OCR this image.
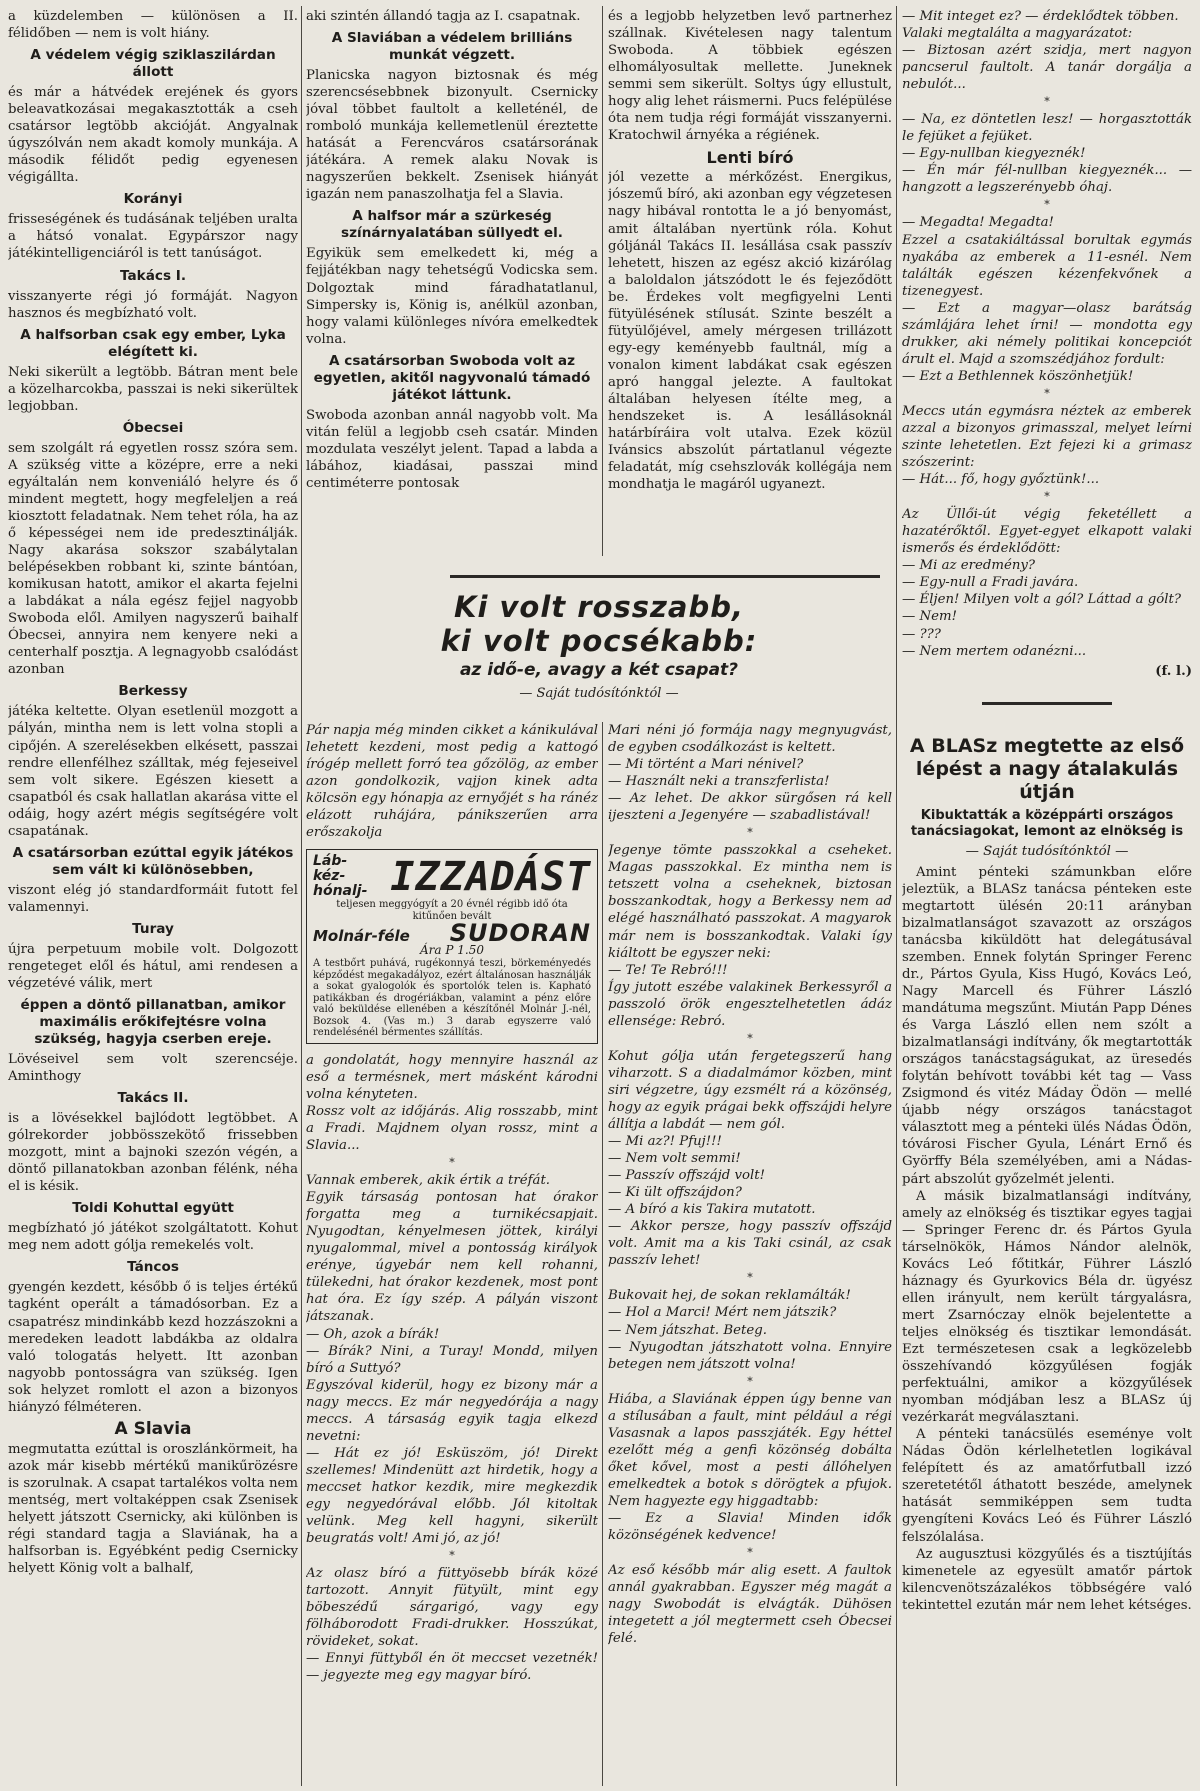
a küzdelemben — különösen a II. félidőben — nem is volt hiány.

A védelem végig sziklaszilárdan állott

és már a hátvédek erejének és gyors beleavatkozásai megakasztották a cseh csatársor legtöbb akcióját. Angyalnak úgyszólván nem akadt komoly munkája. A második félidőt pedig egyenesen végigállta.

Korányi

frisseségének és tudásának teljében uralta a hátsó vonalat. Egypárszor nagy játékintelligenciáról is tett tanúságot.

Takács I.

visszanyerte régi jó formáját. Nagyon hasznos és megbízható volt.

A halfsorban csak egy ember, Lyka elégített ki.

Neki sikerült a legtöbb. Bátran ment bele a közelharcokba, passzai is neki sikerültek legjobban.

Óbecsei

sem szolgált rá egyetlen rossz szóra sem. A szükség vitte a középre, erre a neki egyáltalán nem konveniáló helyre és ő mindent megtett, hogy megfeleljen a reá kiosztott feladatnak. Nem tehet róla, ha az ő képességei nem ide predesztinálják. Nagy akarása sokszor szabálytalan belépésekben robbant ki, szinte bántóan, komikusan hatott, amikor el akarta fejelni a labdákat a nála egész fejjel nagyobb Swoboda elől. Amilyen nagyszerű baihalf Óbecsei, annyira nem kenyere neki a centerhalf posztja. A legnagyobb csalódást azonban

Berkessy

játéka keltette. Olyan esetlenül mozgott a pályán, mintha nem is lett volna stopli a cipőjén. A szerelésekben elkésett, passzai rendre ellenfélhez szálltak, még fejeseivel sem volt sikere. Egészen kiesett a csapatból és csak hallatlan akarása vitte el odáig, hogy azért mégis segítségére volt csapatának.

A csatársorban ezúttal egyik játékos sem vált ki különösebben,

viszont elég jó standardformáit futott fel valamennyi.

Turay

újra perpetuum mobile volt. Dolgozott rengeteget elől és hátul, ami rendesen a végzetévé válik, mert

éppen a döntő pillanatban, amikor maximális erőkifejtésre volna szükség, hagyja cserben ereje.

Lövéseivel sem volt szerencséje. Aminthogy

Takács II.

is a lövésekkel bajlódott legtöbbet. A gólrekorder jobbösszekötő frissebben mozgott, mint a bajnoki szezón végén, a döntő pillanatokban azonban félénk, néha el is késik.

Toldi Kohuttal együtt

megbízható jó játékot szolgáltatott. Kohut meg nem adott gólja remekelés volt.

Táncos

gyengén kezdett, később ő is teljes értékű tagként operált a támadósorban. Ez a csapatrész mindinkább kezd hozzászokni a meredeken leadott labdákba az oldalra való tologatás helyett. Itt azonban nagyobb pontosságra van szükség. Igen sok helyzet romlott el azon a bizonyos hiányzó félméteren.

A Slavia

megmutatta ezúttal is oroszlánkörmeit, ha azok már kisebb mértékű manikűrözésre is szorulnak. A csapat tartalékos volta nem mentség, mert voltaképpen csak Zsenisek helyett játszott Csernicky, aki különben is régi standard tagja a Slaviának, ha a halfsorban is. Egyébként pedig Csernicky helyett König volt a balhalf,

aki szintén állandó tagja az I. csapatnak.

A Slaviában a védelem brilliáns munkát végzett.

Planicska nagyon biztosnak és még szerencsésebbnek bizonyult. Csernicky jóval többet faultolt a kelleténél, de romboló munkája kellemetlenül éreztette hatását a Ferencváros csatársorának játékára. A remek alaku Novak is nagyszerűen bekkelt. Zsenisek hiányát igazán nem panaszolhatja fel a Slavia.

A halfsor már a szürkeség színárnyalatában süllyedt el.

Egyikük sem emelkedett ki, még a fejjátékban nagy tehetségű Vodicska sem. Dolgoztak mind fáradhatatlanul, Simpersky is, König is, anélkül azonban, hogy valami különleges nívóra emelkedtek volna.

A csatársorban Swoboda volt az egyetlen, akitől nagyvonalú támadó játékot láttunk.

Swoboda azonban annál nagyobb volt. Ma vitán felül a legjobb cseh csatár. Minden mozdulata veszélyt jelent. Tapad a labda a lábához, kiadásai, passzai mind centiméterre pontosak

és a legjobb helyzetben levő partnerhez szállnak. Kivételesen nagy talentum Swoboda. A többiek egészen elhomályosultak mellette. Juneknek semmi sem sikerült. Soltys úgy ellustult, hogy alig lehet ráismerni. Pucs felépülése óta nem tudja régi formáját visszanyerni. Kratochwil árnyéka a régiének.

Lenti bíró

jól vezette a mérkőzést. Energikus, jószemű bíró, aki azonban egy végzetesen nagy hibával rontotta le a jó benyomást, amit általában nyertünk róla. Kohut góljánál Takács II. lesállása csak passzív lehetett, hiszen az egész akció kizárólag a baloldalon játszódott le és fejeződött be. Érdekes volt megfigyelni Lenti fütyülésének stílusát. Szinte beszélt a fütyülőjével, amely mérgesen trillázott egy-egy keményebb faultnál, míg a vonalon kiment labdákat csak egészen apró hanggal jelezte. A faultokat általában helyesen ítélte meg, a hendszeket is. A lesállásoknál határbíráira volt utalva. Ezek közül Ivánsics abszolút pártatlanul végezte feladatát, míg csehszlovák kollégája nem mondhatja le magáról ugyanezt.

Ki volt rosszabb,
ki volt pocsékabb:
az idő-e, avagy a két csapat?
— Saját tudósítónktól —

Pár napja még minden cikket a kánikulával lehetett kezdeni, most pedig a kattogó írógép mellett forró tea gőzölög, az ember azon gondolkozik, vajjon kinek adta kölcsön egy hónapja az ernyőjét s ha ránéz elázott ruhájára, pánikszerűen arra erőszakolja

Láb-
kéz-
hónalj- IZZADÁST
teljesen meggyógyít a 20 évnél régibb idő óta kitűnően bevált
Molnár-féle SUDORAN
Ára P 1.50
A testbőrt puhává, rugékonnyá teszi, börkeményedés képződést megakadályoz, ezért általánosan használják a sokat gyalogolók és sportolók telen is. Kapható patikákban és drogériákban, valamint a pénz előre való beküldése ellenében a készítőnél Molnár J.-nél, Bozsok 4. (Vas m.) 3 darab egyszerre való rendelésénél bérmentes szállítás.

a gondolatát, hogy mennyire használ az eső a termésnek, mert másként károdni volna kényteten.

Rossz volt az időjárás. Alig rosszabb, mint a Fradi. Majdnem olyan rossz, mint a Slavia...

*

Vannak emberek, akik értik a tréfát.

Egyik társaság pontosan hat órakor forgatta meg a turnikécsapjait. Nyugodtan, kényelmesen jöttek, királyi nyugalommal, mivel a pontosság királyok erénye, úgyebár nem kell rohanni, tülekedni, hat órakor kezdenek, most pont hat óra. Ez így szép. A pályán viszont játszanak.

— Oh, azok a bírák!

— Bírák? Nini, a Turay! Mondd, milyen bíró a Suttyó?

Egyszóval kiderül, hogy ez bizony már a nagy meccs. Ez már negyedórája a nagy meccs. A társaság egyik tagja elkezd nevetni:

— Hát ez jó! Esküszöm, jó! Direkt szellemes! Mindenütt azt hirdetik, hogy a meccset hatkor kezdik, mire megkezdik egy negyedórával előbb. Jól kitoltak velünk. Meg kell hagyni, sikerült beugratás volt! Ami jó, az jó!

*

Az olasz bíró a füttyösebb bírák közé tartozott. Annyit fütyült, mint egy böbeszédű sárgarigó, vagy egy fölháborodott Fradi-drukker. Hosszúkat, rövideket, sokat.

— Ennyi füttyből én öt meccset vezetnék! — jegyezte meg egy magyar bíró.

Mari néni jó formája nagy megnyugvást, de egyben csodálkozást is keltett.

— Mi történt a Mari nénivel?

— Használt neki a transzferlista!

— Az lehet. De akkor sürgősen rá kell ijeszteni a Jegenyére — szabadlistával!

*

Jegenye tömte passzokkal a cseheket. Magas passzokkal. Ez mintha nem is tetszett volna a cseheknek, biztosan bosszankodtak, hogy a Berkessy nem ad elégé használható passzokat. A magyarok már nem is bosszankodtak. Valaki így kiáltott be egyszer neki:

— Te! Te Rebró!!!

Így jutott eszébe valakinek Berkessyről a passzoló örök engesztelhetetlen ádáz ellensége: Rebró.

*

Kohut gólja után fergetegszerű hang viharzott. S a diadalmámor közben, mint siri végzetre, úgy ezsmélt rá a közönség, hogy az egyik prágai bekk offszájdi helyre állítja a labdát — nem gól.

— Mi az?! Pfuj!!!

— Nem volt semmi!

— Passzív offszájd volt!

— Ki ült offszájdon?

— A bíró a kis Takira mutatott.

— Akkor persze, hogy passzív offszájd volt. Amit ma a kis Taki csinál, az csak passzív lehet!

*

Bukovait hej, de sokan reklamálták!

— Hol a Marci! Mért nem játszik?

— Nem játszhat. Beteg.

— Nyugodtan játszhatott volna. Ennyire betegen nem játszott volna!

*

Hiába, a Slaviának éppen úgy benne van a stílusában a fault, mint például a régi Vasasnak a lapos passzjáték. Egy héttel ezelőtt még a genfi közönség dobálta őket kővel, most a pesti állóhelyen emelkedtek a botok s dörögtek a pfujok. Nem hagyezte egy higgadtabb:

— Ez a Slavia! Minden idők közönségének kedvence!

*

Az eső később már alig esett. A faultok annál gyakrabban. Egyszer még magát a nagy Swobodát is elvágták. Dühösen integetett a jól megtermett cseh Óbecsei felé.

— Mit integet ez? — érdeklődtek többen.

Valaki megtalálta a magyarázatot:

— Biztosan azért szidja, mert nagyon pancserul faultolt. A tanár dorgálja a nebulót...

*

— Na, ez döntetlen lesz! — horgasztották le fejüket a fejüket.

— Egy-nullban kiegyeznék!

— Én már fél-nullban kiegyeznék... — hangzott a legszerényebb óhaj.

*

— Megadta! Megadta!

Ezzel a csatakiáltással borultak egymás nyakába az emberek a 11-esnél. Nem találták egészen kézenfekvőnek a tizenegyest.

— Ezt a magyar—olasz barátság számlájára lehet írni! — mondotta egy drukker, aki némely politikai koncepciót árult el. Majd a szomszédjához fordult:

— Ezt a Bethlennek köszönhetjük!

*

Meccs után egymásra néztek az emberek azzal a bizonyos grimasszal, melyet leírni szinte lehetetlen. Ezt fejezi ki a grimasz szószerint:

— Hát... fő, hogy győztünk!...

*

Az Üllői-út végig feketéllett a hazatérőktől. Egyet-egyet elkapott valaki ismerős és érdeklődött:

— Mi az eredmény?

— Egy-null a Fradi javára.

— Éljen! Milyen volt a gól? Láttad a gólt?

— Nem!

— ???

— Nem mertem odanézni...

(f. l.)

A BLASz megtette az első lépést a nagy átalakulás útján

Kibuktatták a középpárti országos tanácsiagokat, lemont az elnökség is

— Saját tudósítónktól —

Amint pénteki számunkban előre jeleztük, a BLASz tanácsa pénteken este megtartott ülésén 20:11 arányban bizalmatlanságot szavazott az országos tanácsba kiküldött hat delegátusával szemben. Ennek folytán Springer Ferenc dr., Pártos Gyula, Kiss Hugó, Kovács Leó, Nagy Marcell és Führer László mandátuma megszűnt. Miután Papp Dénes és Varga László ellen nem szólt a bizalmatlansági indítvány, ők megtartották országos tanácstagságukat, az üresedés folytán behívott további két tag — Vass Zsigmond és vitéz Máday Ödön — mellé újabb négy országos tanácstagot választott meg a pénteki ülés Nádas Ödön, tóvárosi Fischer Gyula, Lénárt Ernő és Györffy Béla személyében, ami a Nádas-párt abszolút győzelmét jelenti.

A másik bizalmatlansági indítvány, amely az elnökség és tisztikar egyes tagjai — Springer Ferenc dr. és Pártos Gyula társelnökök, Hámos Nándor alelnök, Kovács Leó főtitkár, Führer László háznagy és Gyurkovics Béla dr. ügyész ellen irányult, nem került tárgyalásra, mert Zsarnóczay elnök bejelentette a teljes elnökség és tisztikar lemondását. Ezt természetesen csak a legközelebb összehívandó közgyűlésen fogják perfektuálni, amikor a közgyűlések nyomban módjában lesz a BLASz új vezérkarát megválasztani.

A pénteki tanácsülés eseménye volt Nádas Ödön kérlelhetetlen logikával felépített és az amatőrfutball izzó szeretetétől áthatott beszéde, amelynek hatását semmiképpen sem tudta gyengíteni Kovács Leó és Führer László felszólalása.

Az augusztusi közgyűlés és a tisztújítás kimenetele az egyesült amatőr pártok kilencvenötszázalékos többségére való tekintettel ezután már nem lehet kétséges.
